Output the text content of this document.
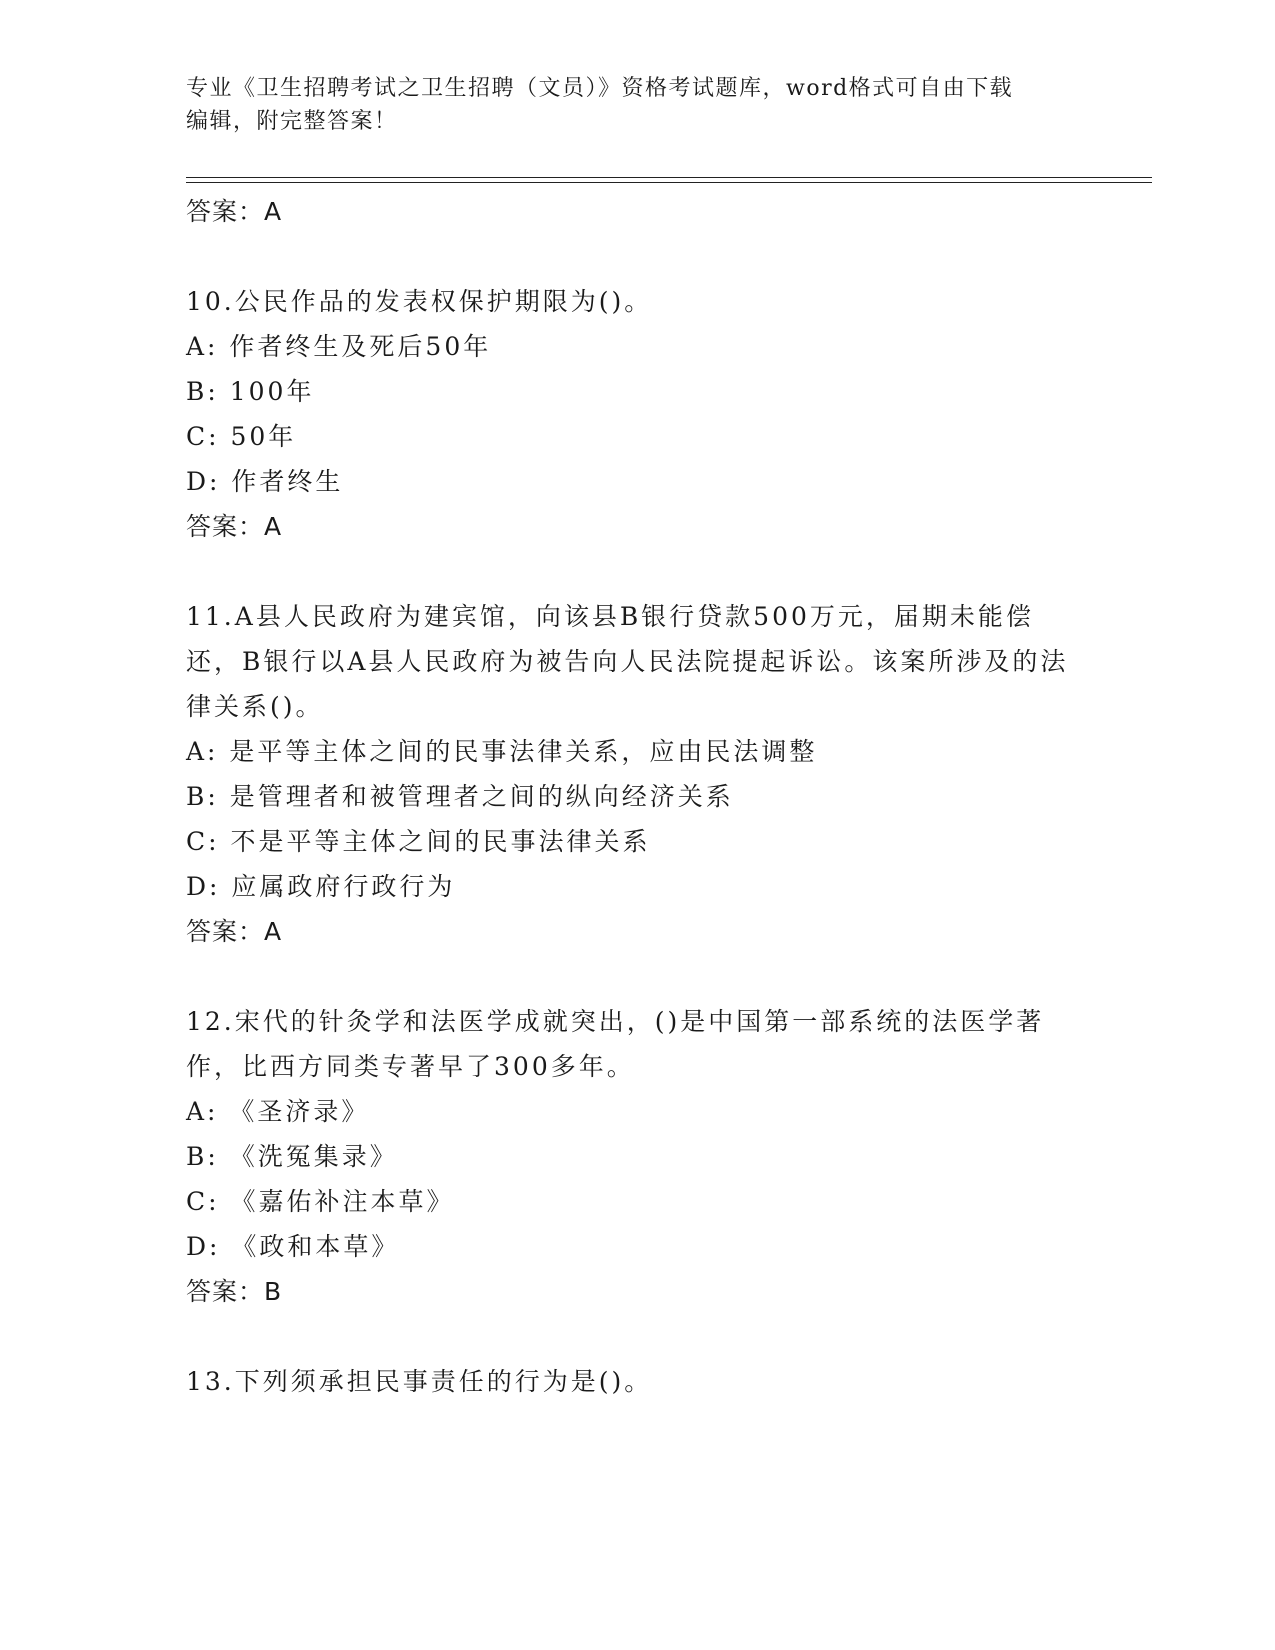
专业《卫生招聘考试之卫生招聘（文员）》资格考试题库，word格式可自由下载
编辑，附完整答案！
答案：A
10.公民作品的发表权保护期限为()。
A: 作者终生及死后50年
B: 100年
C: 50年
D: 作者终生
答案：A
11.A县人民政府为建宾馆，向该县B银行贷款500万元，届期未能偿还，B银行以A县人民政府为被告向人民法院提起诉讼。该案所涉及的法律关系()。
A: 是平等主体之间的民事法律关系，应由民法调整
B: 是管理者和被管理者之间的纵向经济关系
C: 不是平等主体之间的民事法律关系
D: 应属政府行政行为
答案：A
12.宋代的针灸学和法医学成就突出，()是中国第一部系统的法医学著作，比西方同类专著早了300多年。
A: 《圣济录》
B: 《洗冤集录》
C: 《嘉佑补注本草》
D: 《政和本草》
答案：B
13.下列须承担民事责任的行为是()。
